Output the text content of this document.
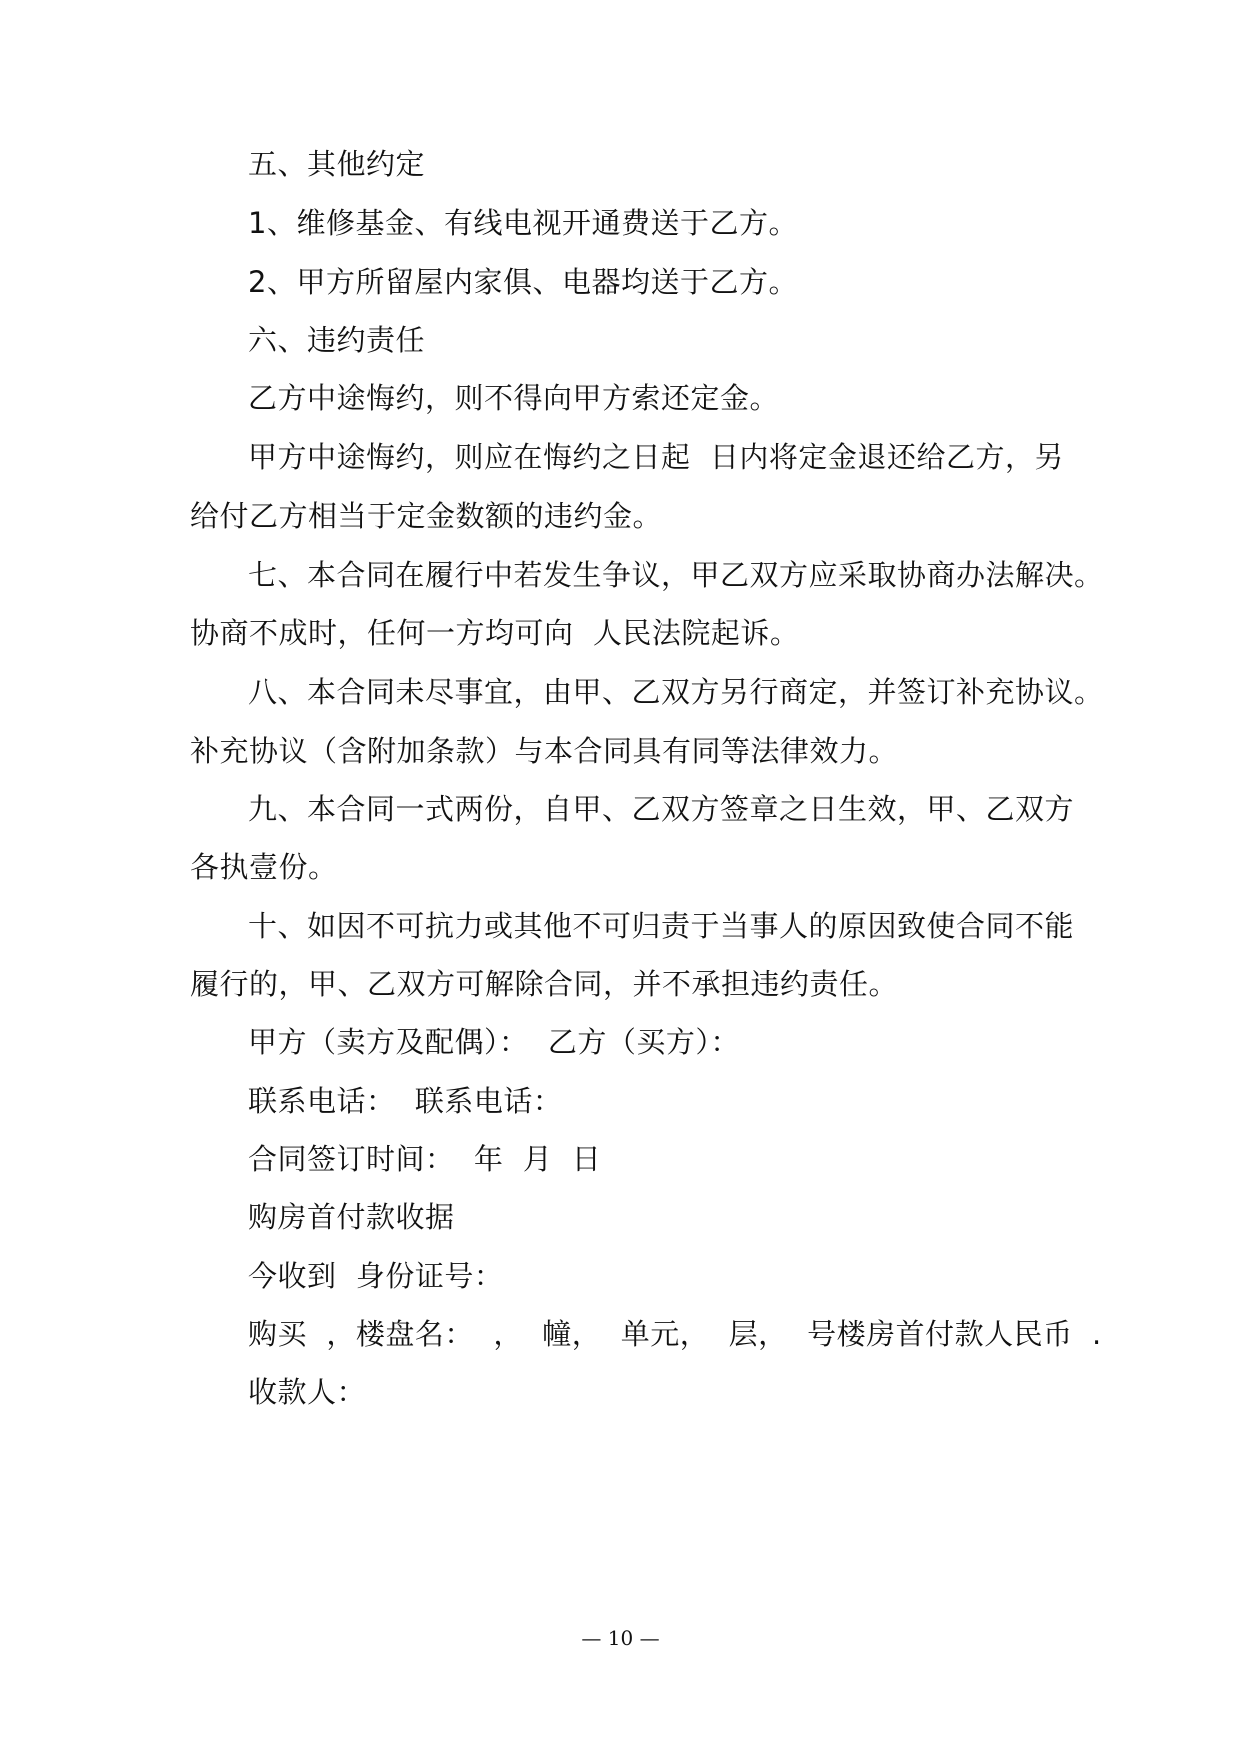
五、其他约定
1、维修基金、有线电视开通费送于乙方。
2、甲方所留屋内家俱、电器均送于乙方。
六、违约责任
乙方中途悔约，则不得向甲方索还定金。
甲方中途悔约，则应在悔约之日起  日内将定金退还给乙方，另
给付乙方相当于定金数额的违约金。
七、本合同在履行中若发生争议，甲乙双方应采取协商办法解决。
协商不成时，任何一方均可向  人民法院起诉。
八、本合同未尽事宜，由甲、乙双方另行商定，并签订补充协议。
补充协议（含附加条款）与本合同具有同等法律效力。
九、本合同一式两份，自甲、乙双方签章之日生效，甲、乙双方
各执壹份。
十、如因不可抗力或其他不可归责于当事人的原因致使合同不能
履行的，甲、乙双方可解除合同，并不承担违约责任。
甲方（卖方及配偶）：  乙方（买方）：
联系电话：  联系电话：
合同签订时间：  年  月  日
购房首付款收据
今收到  身份证号：
购买  ，楼盘名：  ，  幢，  单元，  层，  号楼房首付款人民币  .
收款人：
— 10 —
